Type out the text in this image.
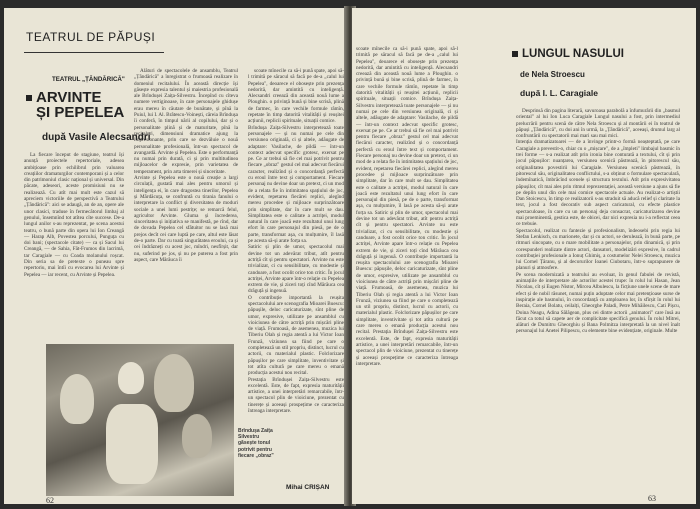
TEATRUL DE PĂPUȘI
TEATRUL „ȚĂNDĂRICĂ"
ARVINTE
ȘI PEPELEA
după Vasile Alecsandri

La fiecare început de stagiune, teatrul își anunță proiectele repertoriale, adesea ambițioase prin echilibrul prin valoarea creațiilor dramaturgilor contemporani și a celor din patrimoniul clasic național și universal. Din păcate, adeseori, aceste promisiuni nu se realizează. Cu atît mai mult este cazul să apreciem victoriile de perspectivă a Teatrului „Țăndărică": aici se adaugă, an de an, opere ale unor clasici, traduse în fermecătorul limbaj al genului, însemnînd tot atîtea cîte succese. De-a lungul anilor s-au reprezentat, pe scena acestui teatru, o bună parte din opera lui Ion Creangă — Harap Alb, Povestea porcului, Punguța cu doi bani; (spectacole citate) — ca și Sacul lui Creangă, — de Sahia, Făt-Frumos din lacrimă, tar Caragiale — cu Coada molanului roșcat. Din seria sa de pretexte o puneau spre repertoriu, mai întîi cu evocarea lui Arvinte și Pepelea — iar recent, cu Arvinte și Pepelea.

Alături de spectacolele de ansamblu, Teatrul „Țăndărică" a înregistrat o frumoasă realizare în domeniul recitalului. În această direcție își găsește expresia talentul și maiestria profesională ale Brîndușei Zaița-Silvestru. Începînd cu cîteva numere vertiginoase, în care personajele ghidușe erau mereu în căutare de bunătate, și pînă la Puiul, lui I. Al. Brătescu-Voinești, căreia Brîndușa îi conferă, în timpul nării al copilului, dar și o personalitate plină și de maturitate, pînă la recitaluri, dimensiuni dramatice ajung la impresionante, prin care se dezvăluie o nouă personalitate profesională, într-un spectacol de avangardă. Arvinte și Pepelea. Este o performanță nu numai prin durată, ci și prin multitudinea mijloacelor de expresie, prin varietatea de temperament, prin arta timerei și sinceritate.
Arvinte și Pepelea este o nouă creație a largi circulații, gustată mai ales pentru umorul și inteligența ei, în care dragostea tinerilor, Pepelea și Mărdăcuța, se confruntă cu tirania fanului o interpretare la conflict și diversitatea de moduri sociale a unei lumi pestrițe; se remarcă felul, agricultor Arvinte. Gluma și încrederea, sinceritatea și inițiativa se manifestă, pe rînd, dar de dovada Pepelea cel sfătuitor nu se lasă mai prejos decît cei care luptă pe care, altul este lăsat de-o parte. Dar cu toată singurătatea eroului, ca și cei îndrăzneți cu acest joc, mîndri, nesfîrșit, dar nu, suferind pe jos, și nu pe puterea a fost prin aspect, care Mărăuca îi

Brîndușa Zaița Silvestru găsește tonul potrivit pentru fiecare „obraz"

scoate mînecile ca să-i pună spate, apoi să-l trimită pe săracul să facă pe de-a „calul lui Pepelea", deoarece el obosește prin prezența nedorită, dar amintită cu inteligență. Alecsandri creează din această nouă lume a Ploughin. o privință bună și bine scrisă, plină de farmec, în care vechile formule rămîn, repetate în timp datorită vitalității și reușitei acțiunii, replicii spirituale, situații comice.
Brîndușa Zaița-Silvestru interpretează toate personajele — și nu numai pe cele din versiunea originală, ci și altele, adăugate de adaptare: Vasilache, de pildă — într-un context adecvat specific grotesc, exersat pe pe. Ce ar trebui să fie cel mai potrivit pentru fiecare „obraz" gestul cel mai adecvat fiecărui caracter, realizînd și o concordanță perfectă cu eroul între text și comportament. Fiecare personaj nu devine doar un pretext, ci un mod de a relata fie în intimitatea spațiului de joc, evident, repetarea fiecărei replici, alegînd mereu procedee și mijloace surprinzătoare prin simplitate, dar în care mult se dau. Simplitatea este o calitate a actriței, modul natural în care joacă este rezultatul unui lung efort în care personajul din piesă, pe de o parte, transformat așa, cu mulțumire, îl lasă pe acesta să-și arate forța sa.
Satiric și plin de umor, spectacolul mai devine tot un adevărat tribut, atît pentru actriță cît și pentru spectatori. Arvinte nu este trivializat, ci cu sensibilitate, cu modestie și candoare, a fost ocolit orice ton critic. În jocul actriței, Arvinte apare într-o relație cu Pepelea extrem de vie, și ziceri toți cînd Mărăuca cea drăguță și ingenuă.
O contribuție importantă la reușita spectacolului are scenografia Mioarei Buescu: păpușile, deloc caricaturizate, sînt pline de umor, expresive, utilizate pe ansamblul cu vioiciunea de către actriță prin mișcări pline de viață. Frumoasă, de asemenea, muzica lui Tiberiu Olah și regia atentă a lui Victor Ioan Frunză, viziunea sa fiind pe care o completează un stil propriu, distinct, lucrul cu actorii, cu materialul plastic. Folclorizare păpușilor pe care simplitate, inventivitate și tot atîta cultură pe care mereu o emană producția acestui nou recital.
Prestația Brîndușei Zaița-Silvestru este excelentă. Este, de fapt, expresia maturității artistice, a unei interpretări remarcabile, într-un spectacol plin de vioiciune, prezentat cu tinerețe și aceeași prospețime ce caracteriza întreaga interpretare.

Mihai CRIȘAN
62

scoate mînecile ca să-i pună spate, apoi să-l trimită pe săracul să facă pe de-a „calul lui Pepelea", deoarece el obosește prin prezența nedorită, dar amintită cu inteligență. Alecsandri creează din această nouă lume a Ploughin. o privință bună și bine scrisă, plină de farmec, în care vechile formule rămîn, repetate în timp datorită vitalității și reușitei acțiunii, replicii spirituale, situații comice. Brîndușa Zaița-Silvestru interpretează toate personajele — și nu numai pe cele din versiunea originală, ci și altele, adăugate de adaptare: Vasilache, de pildă — într-un context adecvat specific grotesc, exersat pe pe. Ce ar trebui să fie cel mai potrivit pentru fiecare „obraz" gestul cel mai adecvat fiecărui caracter, realizînd și o concordanță perfectă cu eroul între text și comportament. Fiecare personaj nu devine doar un pretext, ci un mod de a relata fie în intimitatea spațiului de joc, evident, repetarea fiecărei replici, alegînd mereu procedee și mijloace surprinzătoare prin simplitate, dar în care mult se dau. Simplitatea este o calitate a actriței, modul natural în care joacă este rezultatul unui lung efort în care personajul din piesă, pe de o parte, transformat așa, cu mulțumire, îl lasă pe acesta să-și arate forța sa. Satiric și plin de umor, spectacolul mai devine tot un adevărat tribut, atît pentru actriță cît și pentru spectatori. Arvinte nu este trivializat, ci cu sensibilitate, cu modestie și candoare, a fost ocolit orice ton critic. În jocul actriței, Arvinte apare într-o relație cu Pepelea extrem de vie, și ziceri toți cînd Mărăuca cea drăguță și ingenuă. O contribuție importantă la reușita spectacolului are scenografia Mioarei Buescu: păpușile, deloc caricaturizate, sînt pline de umor, expresive, utilizate pe ansamblul cu vioiciunea de către actriță prin mișcări pline de viață. Frumoasă, de asemenea, muzica lui Tiberiu Olah și regia atentă a lui Victor Ioan Frunză, viziunea sa fiind pe care o completează un stil propriu, distinct, lucrul cu actorii, cu materialul plastic. Folclorizare păpușilor pe care simplitate, inventivitate și tot atîta cultură pe care mereu o emană producția acestui nou recital. Prestația Brîndușei Zaița-Silvestru este excelentă. Este, de fapt, expresia maturității artistice, a unei interpretări remarcabile, într-un spectacol plin de vioiciune, prezentat cu tinerețe și aceeași prospețime ce caracteriza întreaga interpretare.

LUNGUL NASULUI
de Nela Stroescu
după I. L. Caragiale

Desprinsă din pagina literară, savuroasa parabolă a înfumurării din „basmul oriental" al lui Ion Luca Caragiale Lungul nasului a fost, prin intermediul prelucrării pentru scenă de către Nela Stroescu și al montării ei în teatrul de păpuși „Țăndărică", cu doi ani în urmă, la „Țăndărică", aceeași, drumul larg al confruntării cu spectatorii mai mari sau mai mici.
Intenția dramatizatoarei — de a învinge printr-o formă neașteptată, pe care Caragiale a prevestit-o, chiar cu o „mișcare", de a „împleti" limbajul basmic în trei forme — s-a realizat atît prin ironia bine conturată a textului, cît și prin jocul păpușilor: nuanțarea, versiunea scenică păstrează, în pitorescul său, originalitatea povestirii lui Caragiale. Versiunea scenică păstrează, în pitorescul său, originalitatea conflictului, s-a obținut o formulare spectaculară, îndemînatică, îmbrăcînd scenele și structura textului. Atît prin expresivitatea păpușilor, cît mai ales prin ritmul reprezentației, această versiune a ajuns să fie pe deplin unul din cele mai comice spectacole actuale. Au realizat-o artiștii Dan Stoicescu, în timp ce realizatorii s-au straduit să aducă relief și claritate la text, jocul a fost decorativ sub aspect caricatural, cu efecte plastice spectaculoase, în care cu un personaj deja consacrat, caricaturizarea devine mai proeminentă, gestica este, de obicei, dar nici expresia nu i-a reflectat ceea ce trebuie.
Spectacolul, realizat cu fantezie și profesionalism, îndeosebi prin regia lui Stefan Lenkisch, cu marionete, dar și cu actori, se derulează, în bună parte, pe ritmuri sincopate, cu o mare mobilitate a personajelor, prin dinamică, și prin corespunderi realizate dintre actori, dansatori, modelizări expresive, în cadrul contribuției profesionale a Ionuț Ghimiș, a costumelor Nelei Stroescu, muzica lui Cornel Țăranu, și al decorurilor Ioanei Ciubotaru, într-o suprapunere de planuri și atmosfere.
Pe scena modernizată a teatrului au evoluat, în genul fabulei de revistă, animațiile de interpretare ale actorilor acestei trupe: în rolul lui Hasan, Jean Nicolau, cît și Eugen Nistor, Mircea Albulescu, la ficțiune unele scene de mare efect și de nobil răsunet, numai puțin adoptate celor mai pretențioase surse de inspirație ale basmului, în concordanță cu amploarea lor, în sfîrșit în rolul lui Beraia, Cornel Bolatu, ceilalți, Gheorghe Paladi, Petre Mihăilescu, Cati Pișcu, Doina Neagu, Adina Sălăgean, plus cei dintre actorii „animatori" care însă au făcut ca totul să capete aer de complicitate specifică genului. În rolul Mitrei, alături de Dumitru Gheorghiu și Bana Polmitza interpretată la un nivel înalt personajul lui Anetei Pilipescu, cu elemente bine evidențiate, originale. Multe

63
